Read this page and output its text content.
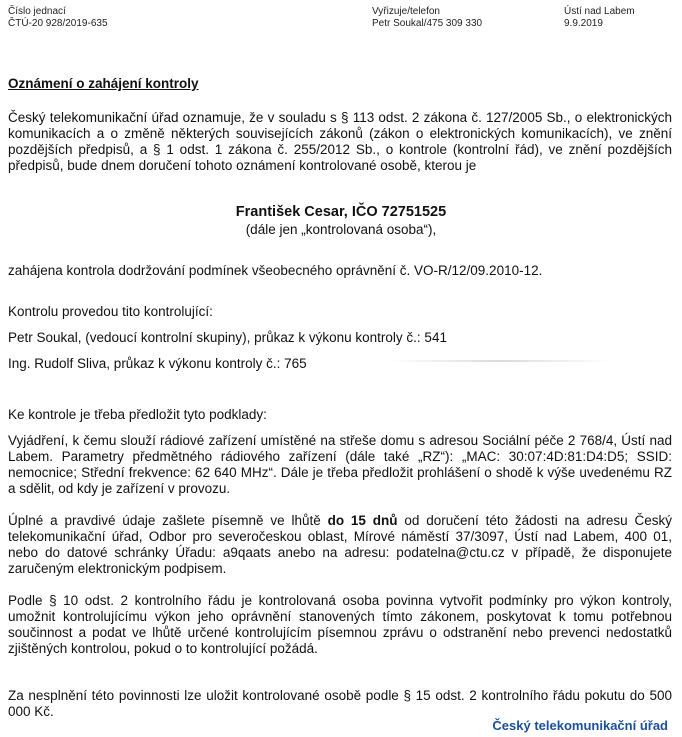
Číslo jednací
ČTÚ-20 928/2019-635
Vyřizuje/telefon
Petr Soukal/475 309 330
Ústí nad Labem
9.9.2019
Oznámení o zahájení kontroly

Český telekomunikační úřad oznamuje, že v souladu s § 113 odst. 2 zákona č. 127/2005 Sb., o elektronických komunikacích a o změně některých souvisejících zákonů (zákon o elektronických komunikacích), ve znění pozdějších předpisů, a § 1 odst. 1 zákona č. 255/2012 Sb., o kontrole (kontrolní řád), ve znění pozdějších předpisů, bude dnem doručení tohoto oznámení kontrolované osobě, kterou je

František Cesar, IČO 72751525
(dále jen „kontrolovaná osoba“),
zahájena kontrola dodržování podmínek všeobecného oprávnění č. VO-R/12/09.2010-12.
Kontrolu provedou tito kontrolující:
Petr Soukal, (vedoucí kontrolní skupiny), průkaz k výkonu kontroly č.: 541
Ing. Rudolf Sliva, průkaz k výkonu kontroly č.: 765
Ke kontrole je třeba předložit tyto podklady:

Vyjádření, k čemu slouží rádiové zařízení umístěné na střeše domu s adresou Sociální péče 2 768/4, Ústí nad Labem. Parametry předmětného rádiového zařízení (dále také „RZ“): „MAC: 30:07:4D:81:D4:D5; SSID: nemocnice; Střední frekvence: 62 640 MHz“. Dále je třeba předložit prohlášení o shodě k výše uvedenému RZ a sdělit, od kdy je zařízení v provozu.

Úplné a pravdivé údaje zašlete písemně ve lhůtě do 15 dnů od doručení této žádosti na adresu Český telekomunikační úřad, Odbor pro severočeskou oblast, Mírové náměstí 37/3097, Ústí nad Labem, 400 01, nebo do datové schránky Úřadu: a9qaats anebo na adresu: podatelna@ctu.cz v případě, že disponujete zaručeným elektronickým podpisem.

Podle § 10 odst. 2 kontrolního řádu je kontrolovaná osoba povinna vytvořit podmínky pro výkon kontroly, umožnit kontrolujícímu výkon jeho oprávnění stanovených tímto zákonem, poskytovat k tomu potřebnou součinnost a podat ve lhůtě určené kontrolujícím písemnou zprávu o odstranění nebo prevenci nedostatků zjištěných kontrolou, pokud o to kontrolující požádá.

Za nesplnění této povinnosti lze uložit kontrolované osobě podle § 15 odst. 2 kontrolního řádu pokutu do 500 000 Kč.

Český telekomunikační úřad
